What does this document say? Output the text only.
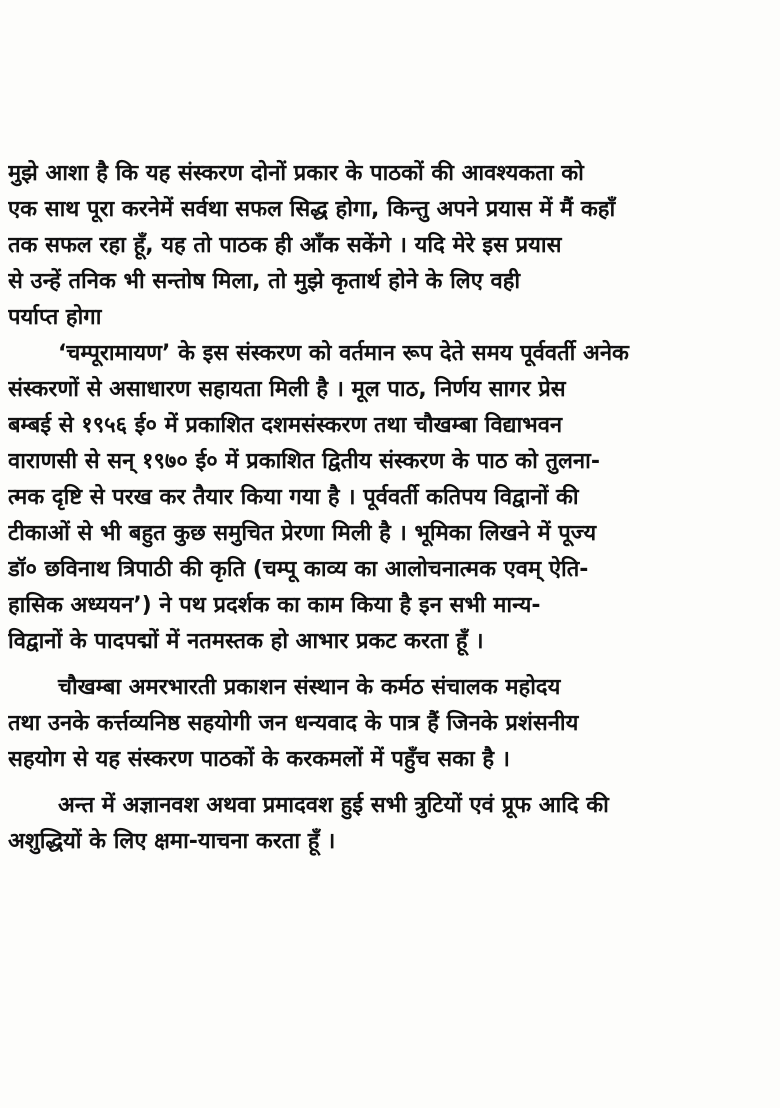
मुझे आशा है कि यह संस्करण दोनों प्रकार के पाठकों की आवश्यकता को
एक साथ पूरा करनेमें सर्वथा सफल सिद्ध होगा, किन्तु अपने प्रयास में मैं कहाँ
तक सफल रहा हूँ, यह तो पाठक ही आँक सकेंगे । यदि मेरे इस प्रयास
से उन्हें तनिक भी सन्तोष मिला, तो मुझे कृतार्थ होने के लिए वही
पर्याप्त होगा
‘चम्पूरामायण’ के इस संस्करण को वर्तमान रूप देते समय पूर्ववर्ती अनेक
संस्करणों से असाधारण सहायता मिली है । मूल पाठ, निर्णय सागर प्रेस
बम्बई से १९५६ ई० में प्रकाशित दशमसंस्करण तथा चौखम्बा विद्याभवन
वाराणसी से सन् १९७० ई० में प्रकाशित द्वितीय संस्करण के पाठ को तुलना-
त्मक दृष्टि से परख कर तैयार किया गया है । पूर्ववर्ती कतिपय विद्वानों की
टीकाओं से भी बहुत कुछ समुचित प्रेरणा मिली है । भूमिका लिखने में पूज्य
डॉ० छविनाथ त्रिपाठी की कृति (चम्पू काव्य का आलोचनात्मक एवम् ऐति-
हासिक अध्ययन’) ने पथ प्रदर्शक का काम किया है इन सभी मान्य-
विद्वानों के पादपद्मों में नतमस्तक हो आभार प्रकट करता हूँ ।
चौखम्बा अमरभारती प्रकाशन संस्थान के कर्मठ संचालक महोदय
तथा उनके कर्त्तव्यनिष्ठ सहयोगी जन धन्यवाद के पात्र हैं जिनके प्रशंसनीय
सहयोग से यह संस्करण पाठकों के करकमलों में पहुँच सका है ।
अन्त में अज्ञानवश अथवा प्रमादवश हुई सभी त्रुटियों एवं प्रूफ आदि की
अशुद्धियों के लिए क्षमा-याचना करता हूँ ।
